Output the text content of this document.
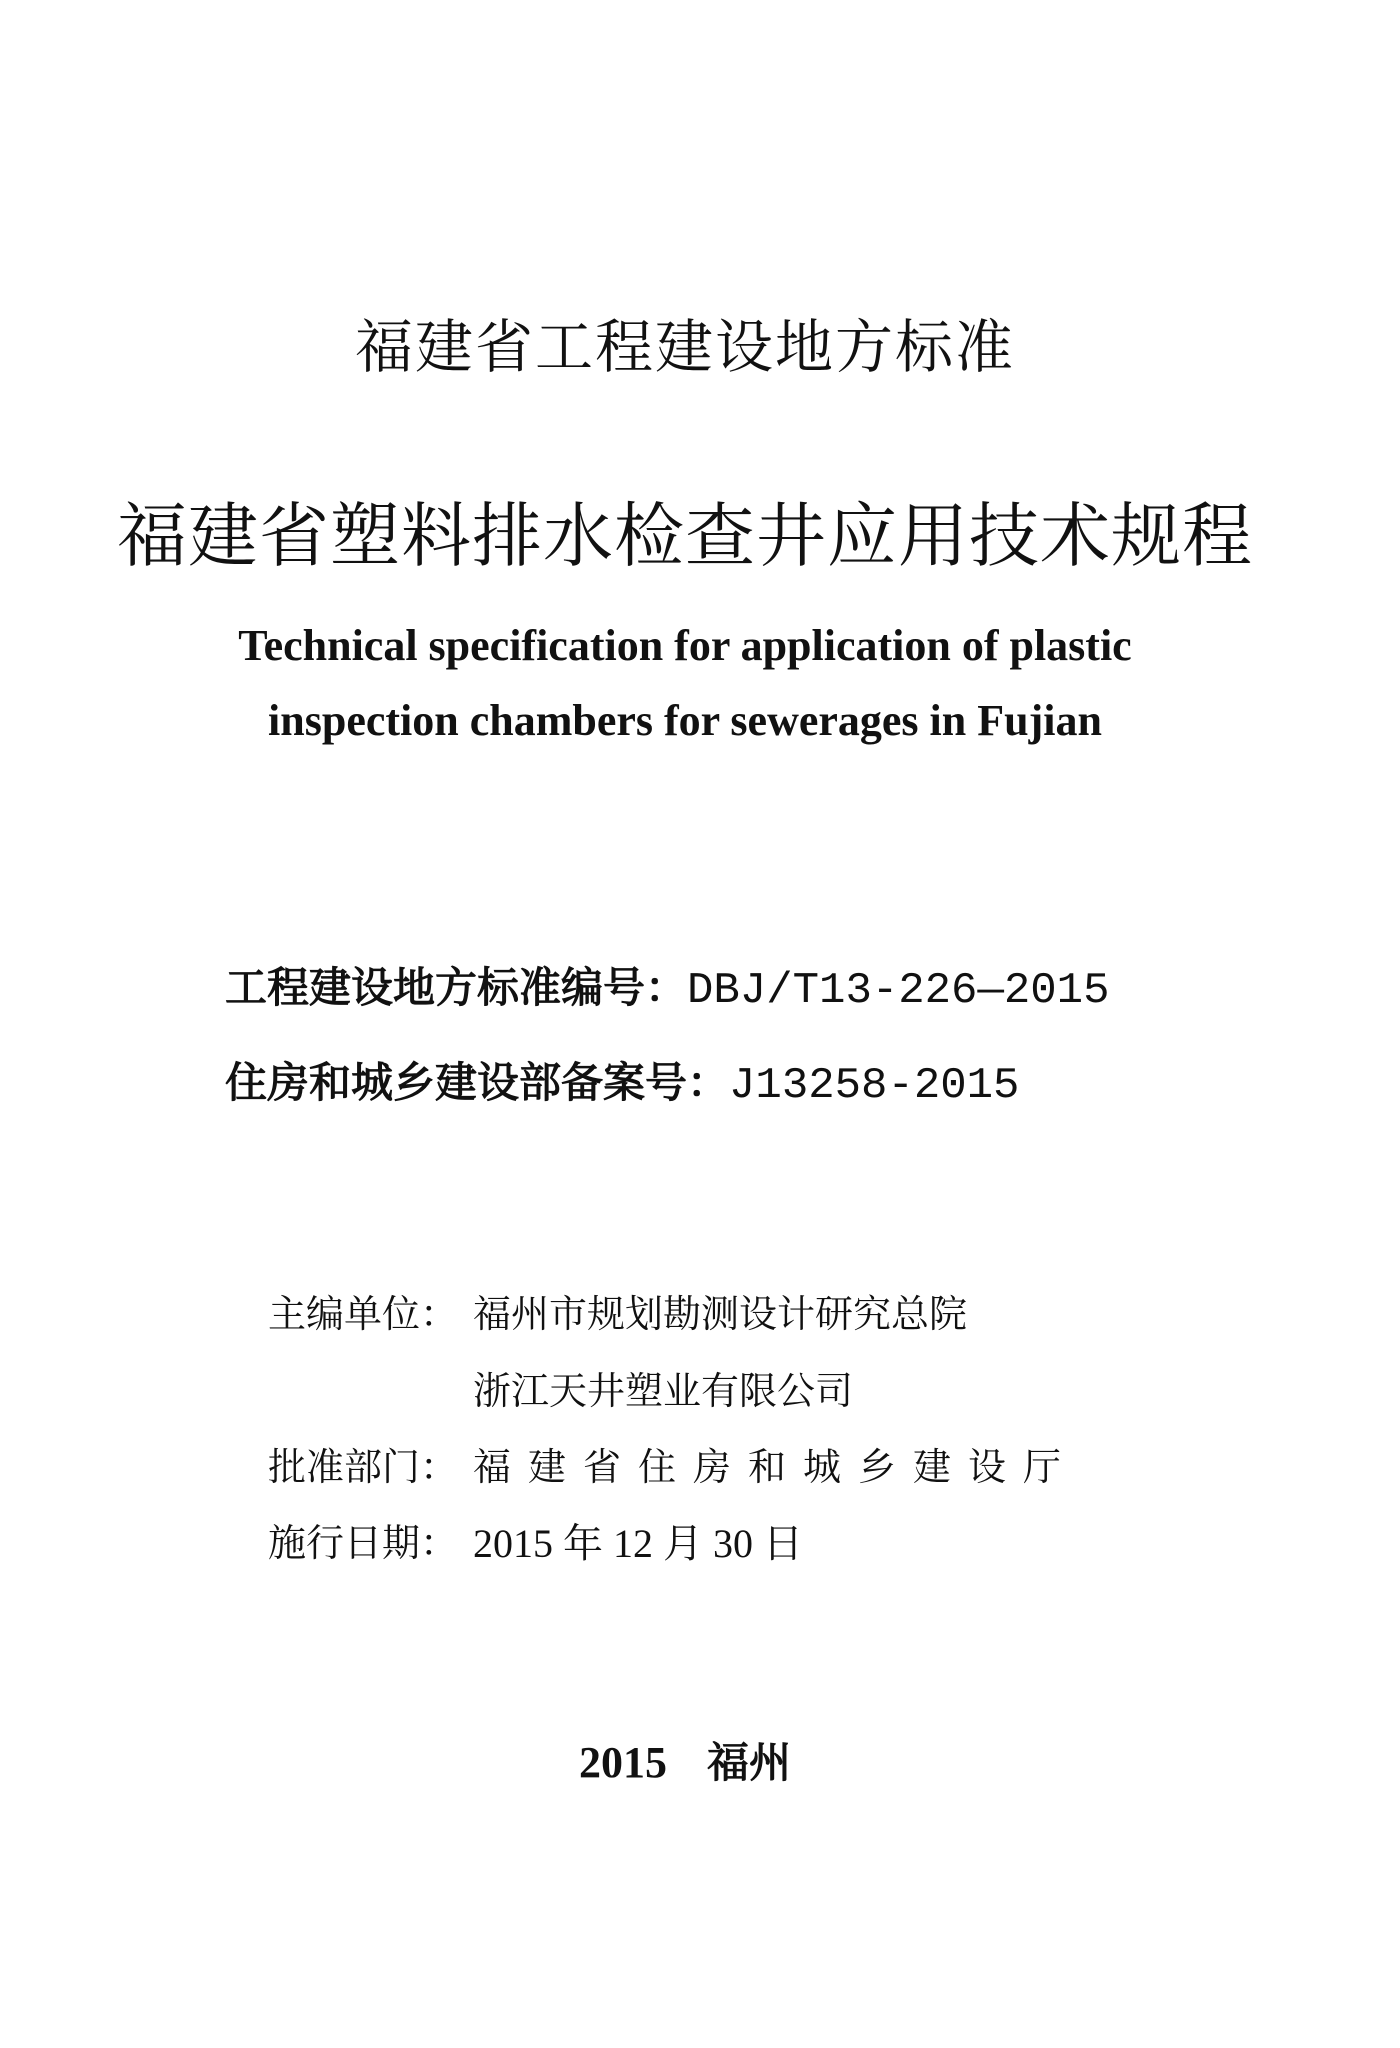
福建省工程建设地方标准
福建省塑料排水检查井应用技术规程
Technical specification for application of plastic
inspection chambers for sewerages in Fujian
工程建设地方标准编号：DBJ/T13-226—2015
住房和城乡建设部备案号：J13258-2015
主编单位： 福州市规划勘测设计研究总院
浙江天井塑业有限公司
批准部门： 福建省住房和城乡建设厅
施行日期： 2015 年 12 月 30 日
2015 福州
